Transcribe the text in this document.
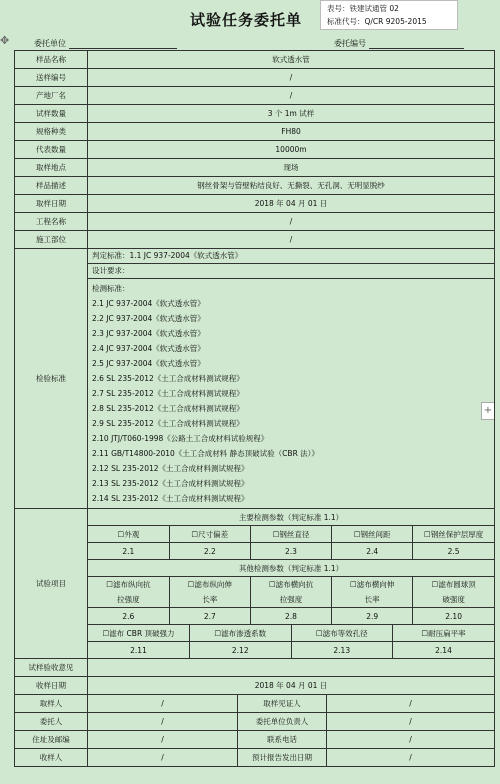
试验任务委托单
表号：铁建试通管 02
标准代号：Q/CR 9205-2015
✥
+
委托单位	委托编号
样品名称	软式透水管
送样编号	/
产地厂名	/
试样数量	3 个 1m 试样
规格种类	FH80
代表数量	10000m
取样地点	现场
样品描述	钢丝骨架与管壁粘结良好、无撕裂、无孔洞、无明显脱纱
取样日期	2018 年 04 月 01 日
工程名称	/
施工部位	/
检验标准	
判定标准：1.1 JC 937-2004《软式透水管》
设计要求：
检测标准：
2.1 JC 937-2004《软式透水管》
2.2 JC 937-2004《软式透水管》
2.3 JC 937-2004《软式透水管》
2.4 JC 937-2004《软式透水管》
2.5 JC 937-2004《软式透水管》
2.6 SL 235-2012《土工合成材料测试规程》
2.7 SL 235-2012《土工合成材料测试规程》
2.8 SL 235-2012《土工合成材料测试规程》
2.9 SL 235-2012《土工合成材料测试规程》
2.10 JTJ/T060-1998《公路土工合成材料试验规程》
2.11 GB/T14800-2010《土工合成材料 静态顶破试验（CBR 法）》
2.12 SL 235-2012《土工合成材料测试规程》
2.13 SL 235-2012《土工合成材料测试规程》
2.14 SL 235-2012《土工合成材料测试规程》

试验项目	
主要检测参数（判定标准 1.1）
☐外观	☐尺寸偏差	☐钢丝直径	☐钢丝间距	☐钢丝保护层厚度
2.1	2.2	2.3	2.4	2.5
其他检测参数（判定标准 1.1）

☐滤布纵向抗
拉强度

☐滤布纵向伸
长率

☐滤布横向抗
拉强度

☐滤布横向伸
长率

☐滤布圆球顶
破强度

2.6	2.7	2.8	2.9	2.10

☐滤布 CBR 顶破强力	☐滤布渗透系数	☐滤布等效孔径	☐耐压扁平率
2.11	2.12	2.13	2.14

试样验收意见	
收样日期	2018 年 04 月 01 日
取样人	/	取样见证人	/
委托人	/	委托单位负责人	/
住址及邮编	/	联系电话	/
收样人	/	预计报告发出日期	/
